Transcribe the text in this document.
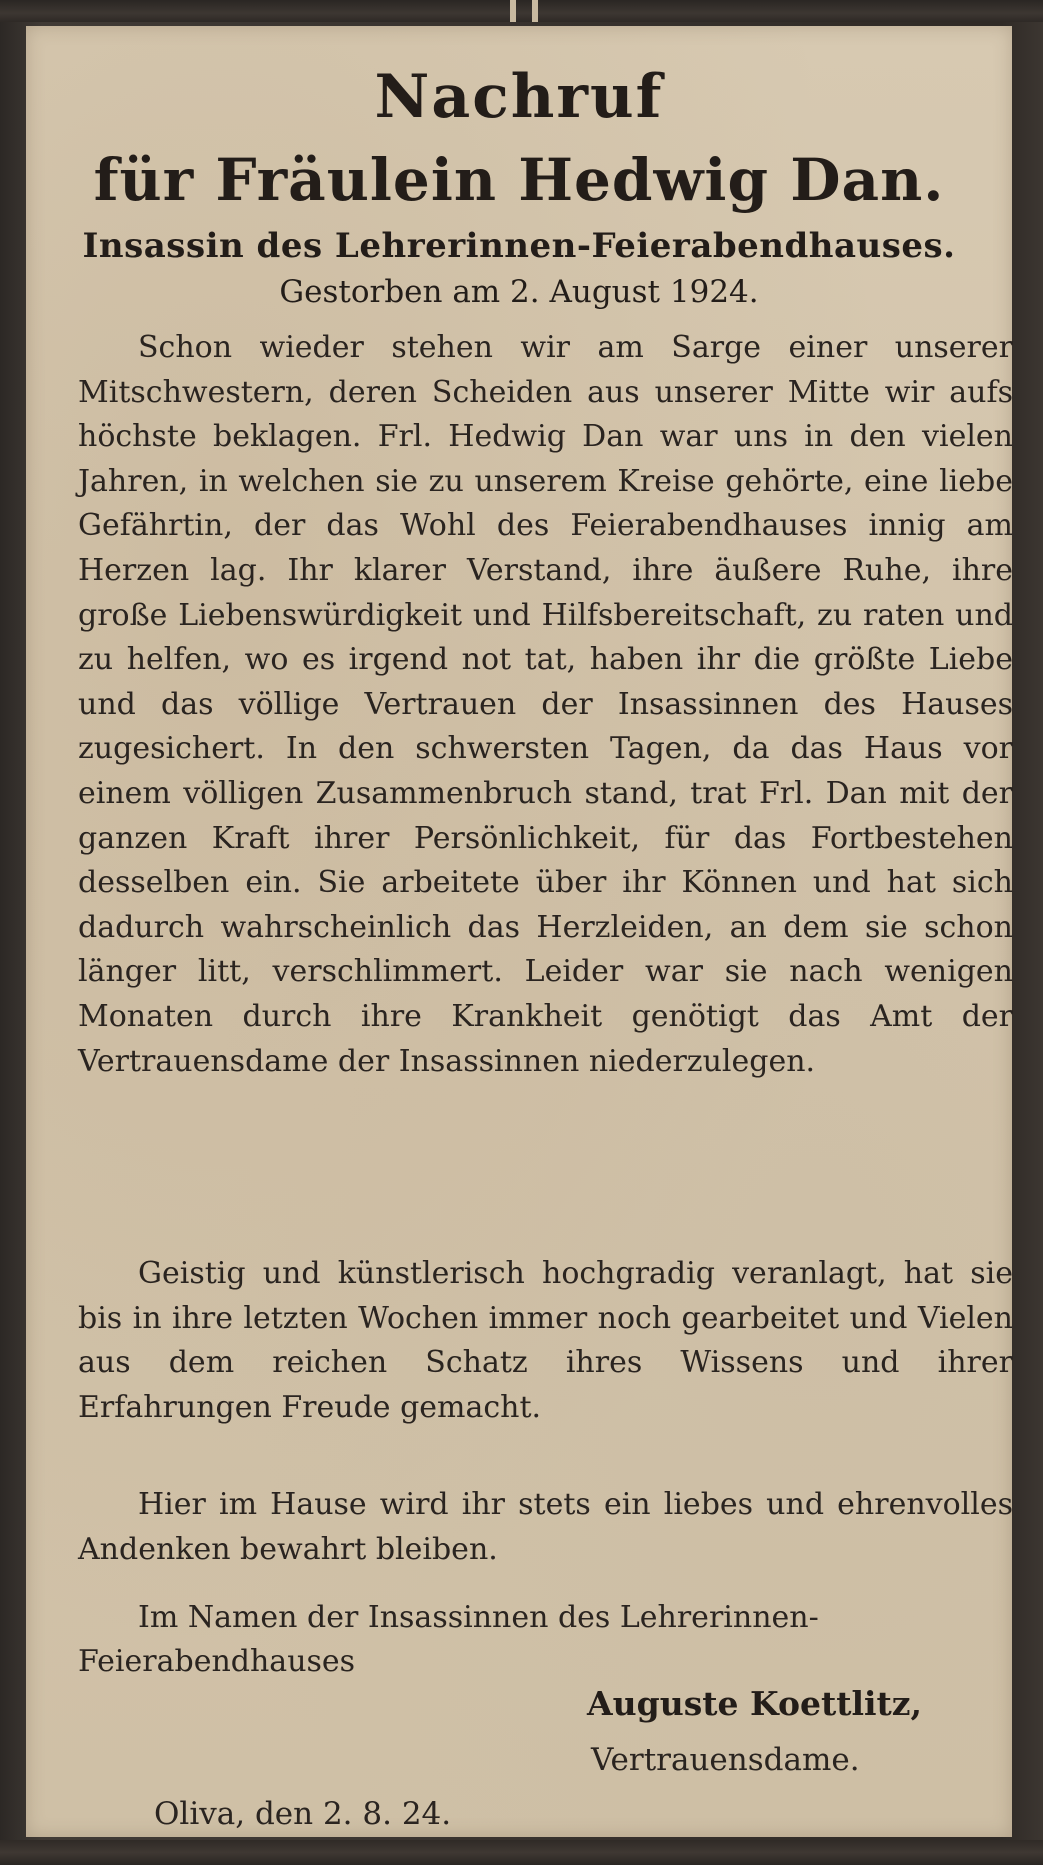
Nachruf
für Fräulein Hedwig Dan.
Insassin des Lehrerinnen-Feierabendhauses.
Gestorben am 2. August 1924.

Schon wieder stehen wir am Sarge einer unserer Mitschwestern, deren Scheiden aus unserer Mitte wir aufs höchste beklagen. Frl. Hedwig Dan war uns in den vielen Jahren, in welchen sie zu unserem Kreise gehörte, eine liebe Gefährtin, der das Wohl des Feierabendhauses innig am Herzen lag. Ihr klarer Verstand, ihre äußere Ruhe, ihre große Liebenswürdigkeit und Hilfsbereitschaft, zu raten und zu helfen, wo es irgend not tat, haben ihr die größte Liebe und das völlige Vertrauen der Insassinnen des Hauses zugesichert. In den schwersten Tagen, da das Haus vor einem völligen Zusammenbruch stand, trat Frl. Dan mit der ganzen Kraft ihrer Persönlichkeit, für das Fortbestehen desselben ein. Sie arbeitete über ihr Können und hat sich dadurch wahrscheinlich das Herzleiden, an dem sie schon länger litt, verschlimmert. Leider war sie nach wenigen Monaten durch ihre Krankheit genötigt das Amt der Vertrauensdame der Insassinnen niederzulegen.

Geistig und künstlerisch hochgradig veranlagt, hat sie bis in ihre letzten Wochen immer noch gearbeitet und Vielen aus dem reichen Schatz ihres Wissens und ihrer Erfahrungen Freude gemacht.

Hier im Hause wird ihr stets ein liebes und ehrenvolles Andenken bewahrt bleiben.

Im Namen der Insassinnen des Lehrerinnen-Feierabendhauses
Auguste Koettlitz,
Vertrauensdame.
Oliva, den 2. 8. 24.
